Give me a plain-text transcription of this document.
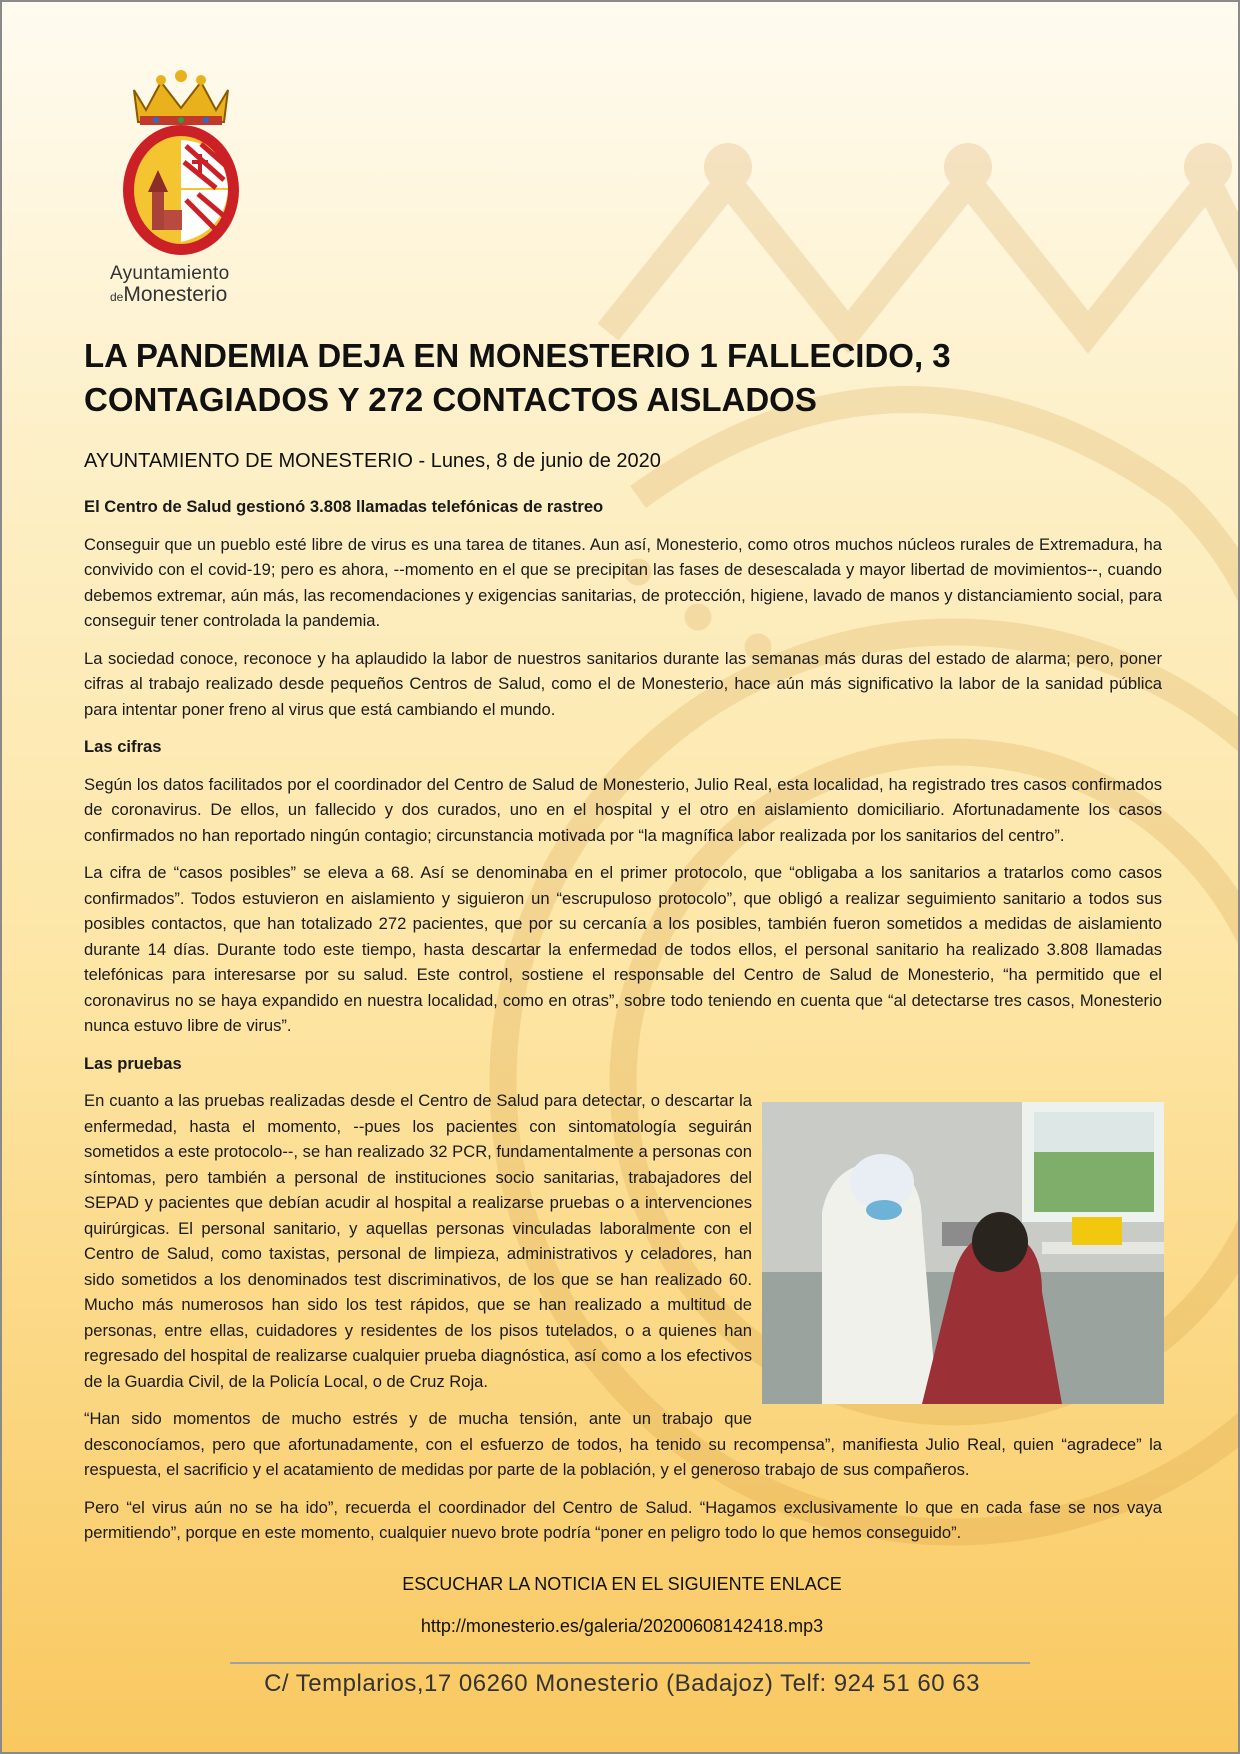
Ayuntamiento
deMonesterio
LA PANDEMIA DEJA EN MONESTERIO 1 FALLECIDO, 3 CONTAGIADOS Y 272 CONTACTOS AISLADOS

AYUNTAMIENTO DE MONESTERIO - Lunes, 8 de junio de 2020

El Centro de Salud gestionó 3.808 llamadas telefónicas de rastreo

Conseguir que un pueblo esté libre de virus es una tarea de titanes. Aun así, Monesterio, como otros muchos núcleos rurales de Extremadura, ha convivido con el covid-19; pero es ahora, --momento en el que se precipitan las fases de desescalada y mayor libertad de movimientos--, cuando debemos extremar, aún más, las recomendaciones y exigencias sanitarias, de protección, higiene, lavado de manos y distanciamiento social, para conseguir tener controlada la pandemia.

La sociedad conoce, reconoce y ha aplaudido la labor de nuestros sanitarios durante las semanas más duras del estado de alarma; pero, poner cifras al trabajo realizado desde pequeños Centros de Salud, como el de Monesterio, hace aún más significativo la labor de la sanidad pública para intentar poner freno al virus que está cambiando el mundo.

Las cifras

Según los datos facilitados por el coordinador del Centro de Salud de Monesterio, Julio Real, esta localidad, ha registrado tres casos confirmados de coronavirus. De ellos, un fallecido y dos curados, uno en el hospital y el otro en aislamiento domiciliario. Afortunadamente los casos confirmados no han reportado ningún contagio; circunstancia motivada por “la magnífica labor realizada por los sanitarios del centro”.

La cifra de “casos posibles” se eleva a 68. Así se denominaba en el primer protocolo, que “obligaba a los sanitarios a tratarlos como casos confirmados”. Todos estuvieron en aislamiento y siguieron un “escrupuloso protocolo”, que obligó a realizar seguimiento sanitario a todos sus posibles contactos, que han totalizado 272 pacientes, que por su cercanía a los posibles, también fueron sometidos a medidas de aislamiento durante 14 días. Durante todo este tiempo, hasta descartar la enfermedad de todos ellos, el personal sanitario ha realizado 3.808 llamadas telefónicas para interesarse por su salud. Este control, sostiene el responsable del Centro de Salud de Monesterio, “ha permitido que el coronavirus no se haya expandido en nuestra localidad, como en otras”, sobre todo teniendo en cuenta que “al detectarse tres casos, Monesterio nunca estuvo libre de virus”.

Las pruebas

En cuanto a las pruebas realizadas desde el Centro de Salud para detectar, o descartar la enfermedad, hasta el momento, --pues los pacientes con sintomatología seguirán sometidos a este protocolo--, se han realizado 32 PCR, fundamentalmente a personas con síntomas, pero también a personal de instituciones socio sanitarias, trabajadores del SEPAD y pacientes que debían acudir al hospital a realizarse pruebas o a intervenciones quirúrgicas. El personal sanitario, y aquellas personas vinculadas laboralmente con el Centro de Salud, como taxistas, personal de limpieza, administrativos y celadores, han sido sometidos a los denominados test discriminativos, de los que se han realizado 60. Mucho más numerosos han sido los test rápidos, que se han realizado a multitud de personas, entre ellas, cuidadores y residentes de los pisos tutelados, o a quienes han regresado del hospital de realizarse cualquier prueba diagnóstica, así como a los efectivos de la Guardia Civil, de la Policía Local, o de Cruz Roja.

“Han sido momentos de mucho estrés y de mucha tensión, ante un trabajo que desconocíamos, pero que afortunadamente, con el esfuerzo de todos, ha tenido su recompensa”, manifiesta Julio Real, quien “agradece” la respuesta, el sacrificio y el acatamiento de medidas por parte de la población, y el generoso trabajo de sus compañeros.

Pero “el virus aún no se ha ido”, recuerda el coordinador del Centro de Salud. “Hagamos exclusivamente lo que en cada fase se nos vaya permitiendo”, porque en este momento, cualquier nuevo brote podría “poner en peligro todo lo que hemos conseguido”.

ESCUCHAR LA NOTICIA EN EL SIGUIENTE ENLACE
http://monesterio.es/galeria/20200608142418.mp3
C/ Templarios,17 06260 Monesterio (Badajoz) Telf: 924 51 60 63
